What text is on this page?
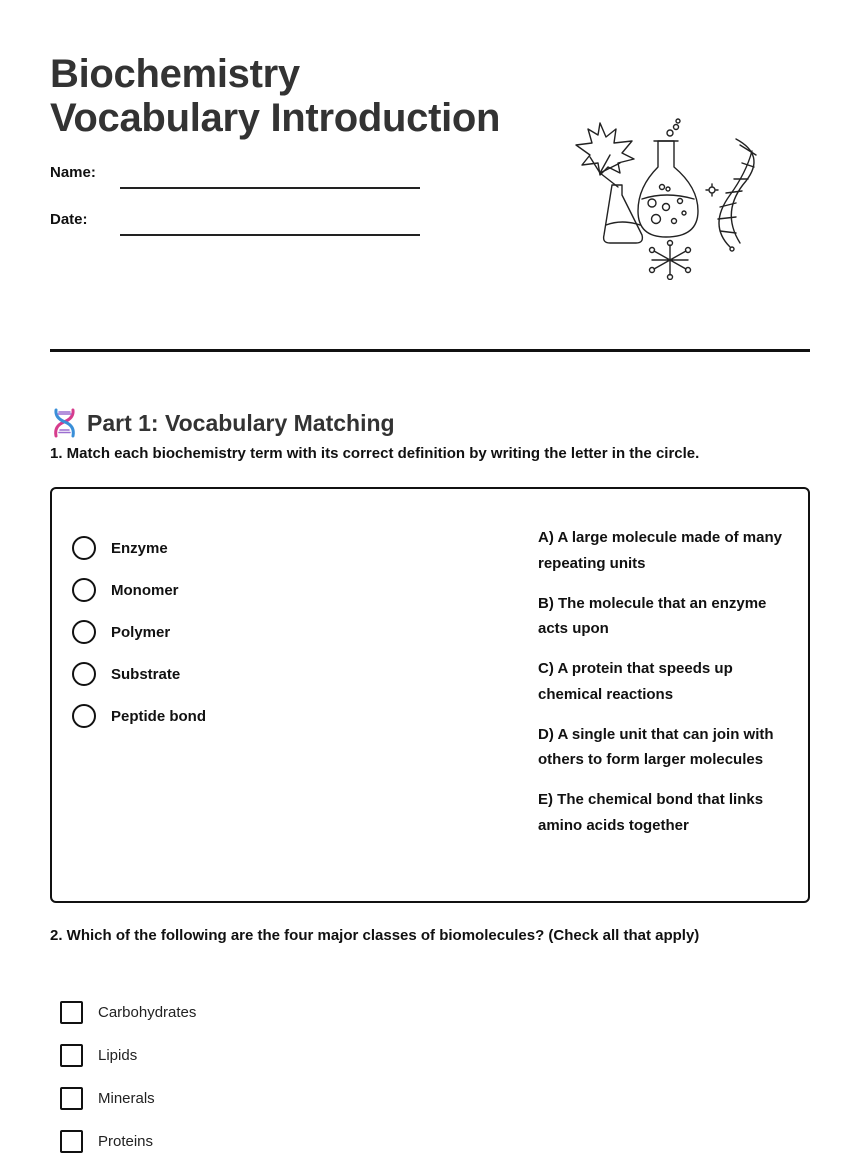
Biochemistry
Vocabulary Introduction
Name:
Date:
Part 1: Vocabulary Matching
1. Match each biochemistry term with its correct definition by writing the letter in the circle.
Enzyme
Monomer
Polymer
Substrate
Peptide bond
A) A large molecule made of many repeating units
B) The molecule that an enzyme acts upon
C) A protein that speeds up chemical reactions
D) A single unit that can join with others to form larger molecules
E) The chemical bond that links amino acids together
2. Which of the following are the four major classes of biomolecules? (Check all that apply)
Carbohydrates
Lipids
Minerals
Proteins
